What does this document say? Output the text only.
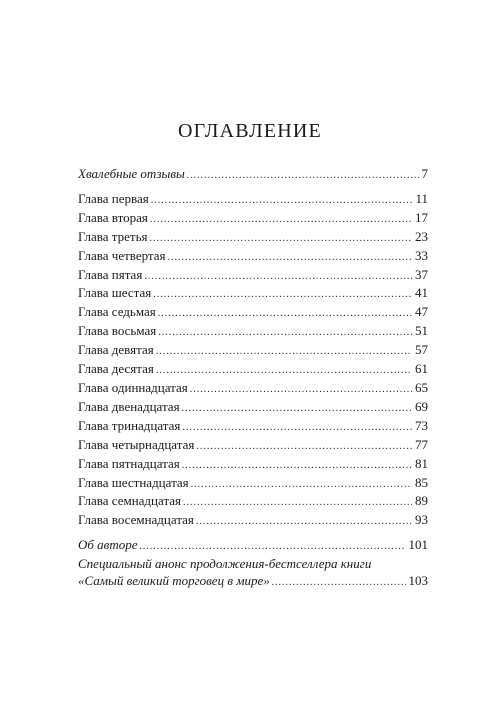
ОГЛАВЛЕНИЕ
Хвалебные отзывы .....	7
Глава первая .....	11
Глава вторая .....	17
Глава третья .....	23
Глава четвертая .....	33
Глава пятая .....	37
Глава шестая .....	41
Глава седьмая .....	47
Глава восьмая .....	51
Глава девятая .....	57
Глава десятая .....	61
Глава одиннадцатая .....	65
Глава двенадцатая .....	69
Глава тринадцатая .....	73
Глава четырнадцатая .....	77
Глава пятнадцатая .....	81
Глава шестнадцатая .....	85
Глава семнадцатая .....	89
Глава восемнадцатая .....	93
Об авторе .....	101
Специальный анонс продолжения-бестселлера книги
«Самый великий торговец в мире» .....	103
